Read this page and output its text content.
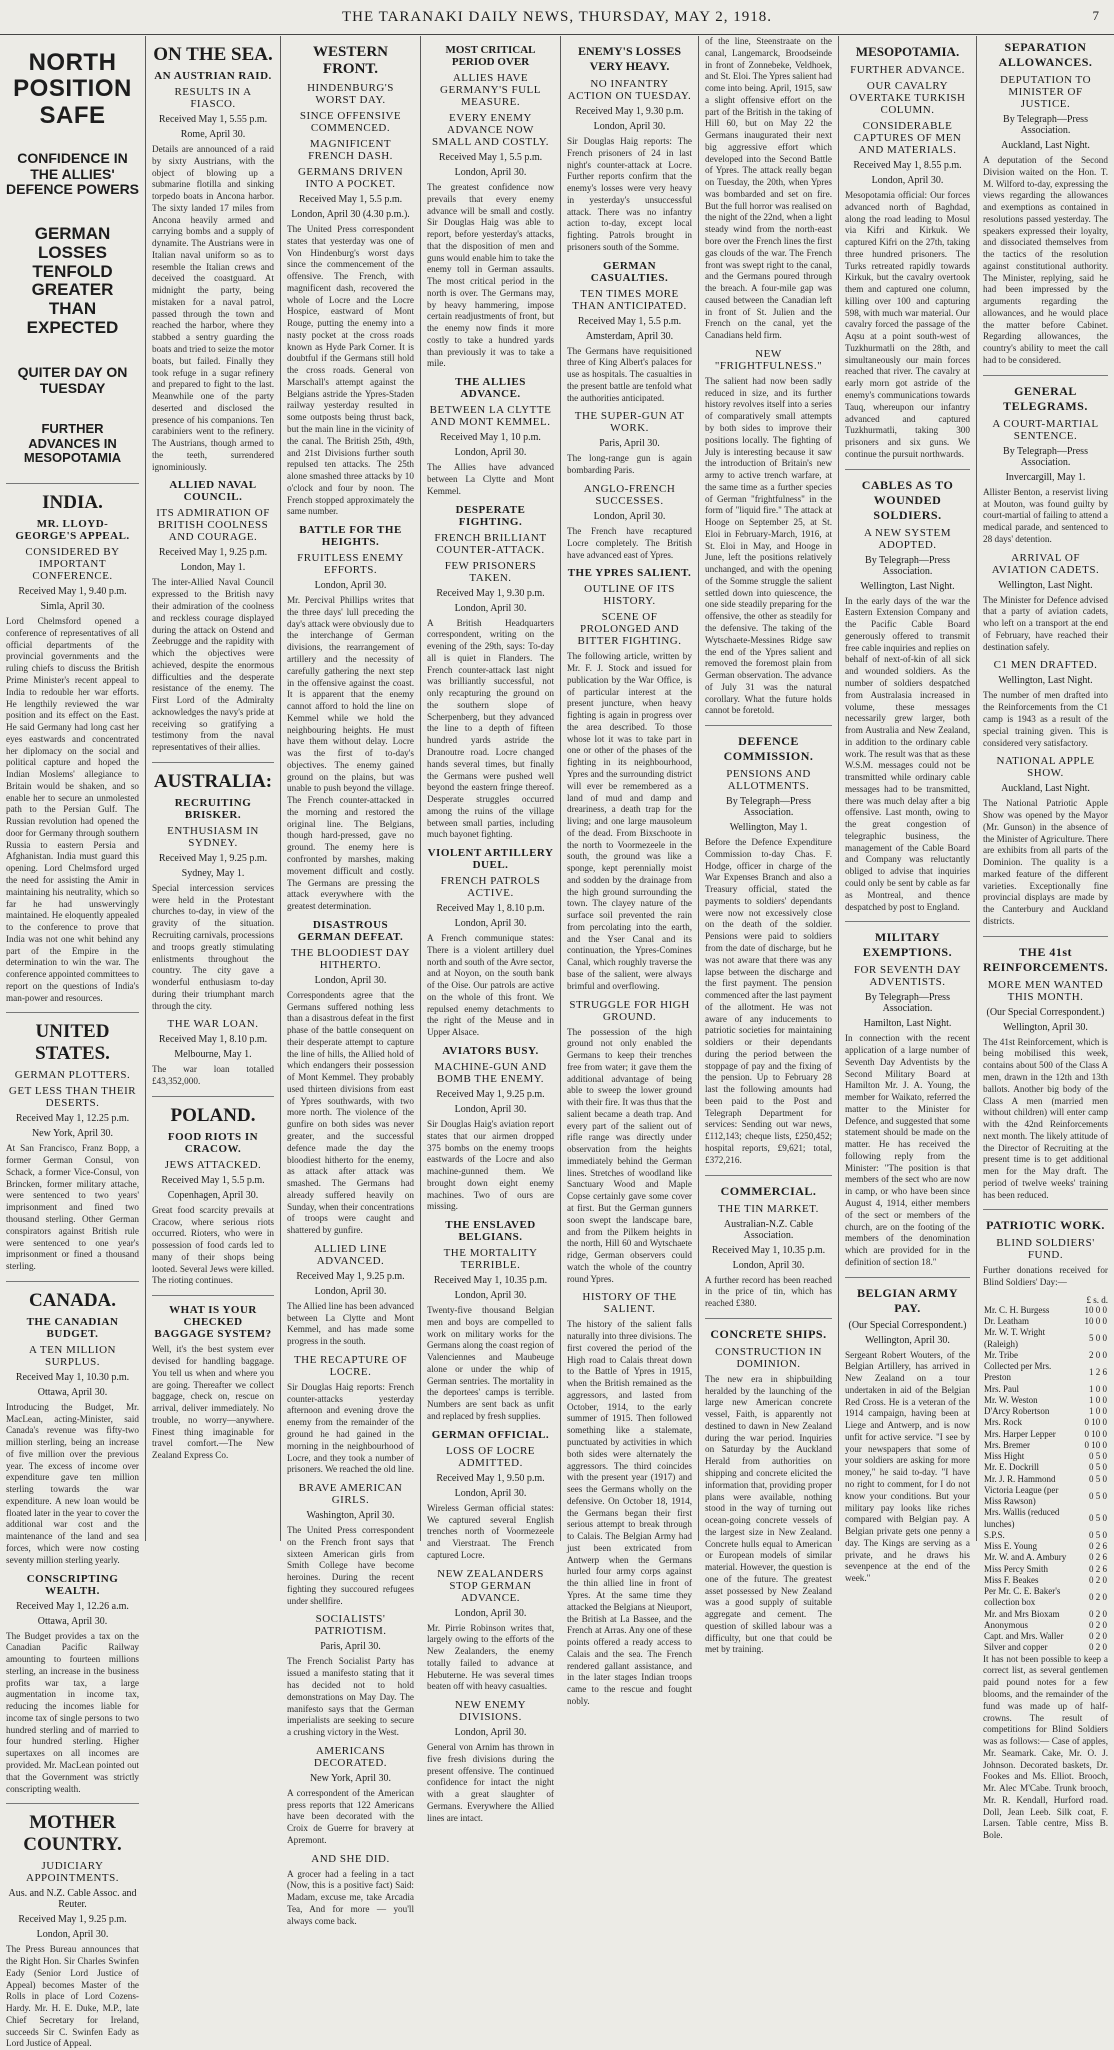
THE TARANAKI DAILY NEWS, THURSDAY, MAY 2, 1918.	7
NORTH POSITION SAFE
CONFIDENCE IN THE ALLIES' DEFENCE POWERS
GERMAN LOSSES TENFOLD GREATER THAN EXPECTED
QUITER DAY ON TUESDAY
FURTHER ADVANCES IN MESOPOTAMIA
INDIA.
MR. LLOYD-GEORGE'S APPEAL.
CONSIDERED BY IMPORTANT CONFERENCE.
Received May 1, 9.40 p.m.
Simla, April 30.

Lord Chelmsford opened a conference of representatives of all official departments of the provincial governments and the ruling chiefs to discuss the British Prime Minister's recent appeal to India to redouble her war efforts. He lengthily reviewed the war position and its effect on the East. He said Germany had long cast her eyes eastwards and concentrated her diplomacy on the social and political capture and hoped the Indian Moslems' allegiance to Britain would be shaken, and so enable her to secure an unmolested path to the Persian Gulf. The Russian revolution had opened the door for Germany through southern Russia to eastern Persia and Afghanistan. India must guard this opening. Lord Chelmsford urged the need for assisting the Amir in maintaining his neutrality, which so far he had unswervingly maintained. He eloquently appealed to the conference to prove that India was not one whit behind any part of the Empire in the determination to win the war. The conference appointed committees to report on the questions of India's man-power and resources.

UNITED STATES.
GERMAN PLOTTERS.
GET LESS THAN THEIR DESERTS.
Received May 1, 12.25 p.m.
New York, April 30.

At San Francisco, Franz Bopp, a former German Consul, von Schack, a former Vice-Consul, von Brincken, former military attache, were sentenced to two years' imprisonment and fined two thousand sterling. Other German conspirators against British rule were sentenced to one year's imprisonment or fined a thousand sterling.

CANADA.
THE CANADIAN BUDGET.
A TEN MILLION SURPLUS.
Received May 1, 10.30 p.m.
Ottawa, April 30.

Introducing the Budget, Mr. MacLean, acting-Minister, said Canada's revenue was fifty-two million sterling, being an increase of five million over the previous year. The excess of income over expenditure gave ten million sterling towards the war expenditure. A new loan would be floated later in the year to cover the additional war cost and the maintenance of the land and sea forces, which were now costing seventy million sterling yearly.

CONSCRIPTING WEALTH.
Received May 1, 12.26 a.m.
Ottawa, April 30.

The Budget provides a tax on the Canadian Pacific Railway amounting to fourteen millions sterling, an increase in the business profits war tax, a large augmentation in income tax, reducing the incomes liable for income tax of single persons to two hundred sterling and of married to four hundred sterling. Higher supertaxes on all incomes are provided. Mr. MacLean pointed out that the Government was strictly conscripting wealth.

MOTHER COUNTRY.
JUDICIARY APPOINTMENTS.
Aus. and N.Z. Cable Assoc. and Reuter.
Received May 1, 9.25 p.m.
London, April 30.

The Press Bureau announces that the Right Hon. Sir Charles Swinfen Eady (Senior Lord Justice of Appeal) becomes Master of the Rolls in place of Lord Cozens-Hardy. Mr. H. E. Duke, M.P., late Chief Secretary for Ireland, succeeds Sir C. Swinfen Eady as Lord Justice of Appeal.

ON THE SEA.
AN AUSTRIAN RAID.
RESULTS IN A FIASCO.
Received May 1, 5.55 p.m.
Rome, April 30.

Details are announced of a raid by sixty Austrians, with the object of blowing up a submarine flotilla and sinking torpedo boats in Ancona harbor. The sixty landed 17 miles from Ancona heavily armed and carrying bombs and a supply of dynamite. The Austrians were in Italian naval uniform so as to resemble the Italian crews and deceived the coastguard. At midnight the party, being mistaken for a naval patrol, passed through the town and reached the harbor, where they stabbed a sentry guarding the boats and tried to seize the motor boats, but failed. Finally they took refuge in a sugar refinery and prepared to fight to the last. Meanwhile one of the party deserted and disclosed the presence of his companions. Ten carabiniers went to the refinery. The Austrians, though armed to the teeth, surrendered ignominiously.

ALLIED NAVAL COUNCIL.
ITS ADMIRATION OF BRITISH COOLNESS AND COURAGE.
Received May 1, 9.25 p.m.
London, May 1.

The inter-Allied Naval Council expressed to the British navy their admiration of the coolness and reckless courage displayed during the attack on Ostend and Zeebrugge and the rapidity with which the objectives were achieved, despite the enormous difficulties and the desperate resistance of the enemy. The First Lord of the Admiralty acknowledges the navy's pride at receiving so gratifying a testimony from the naval representatives of their allies.

AUSTRALIA:
RECRUITING BRISKER.
ENTHUSIASM IN SYDNEY.
Received May 1, 9.25 p.m.
Sydney, May 1.

Special intercession services were held in the Protestant churches to-day, in view of the gravity of the situation. Recruiting carnivals, processions and troops greatly stimulating enlistments throughout the country. The city gave a wonderful enthusiasm to-day during their triumphant march through the city.

THE WAR LOAN.
Received May 1, 8.10 p.m.
Melbourne, May 1.

The war loan totalled £43,352,000.

POLAND.
FOOD RIOTS IN CRACOW.
JEWS ATTACKED.
Received May 1, 5.5 p.m.
Copenhagen, April 30.

Great food scarcity prevails at Cracow, where serious riots occurred. Rioters, who were in possession of food cards led to many of their shops being looted. Several Jews were killed. The rioting continues.

WHAT IS YOUR CHECKED BAGGAGE SYSTEM?

Well, it's the best system ever devised for handling baggage. You tell us when and where you are going. Thereafter we collect baggage, check on, rescue on arrival, deliver immediately. No trouble, no worry—anywhere. Finest thing imaginable for travel comfort.—The New Zealand Express Co.

WESTERN FRONT.
HINDENBURG'S WORST DAY.
SINCE OFFENSIVE COMMENCED.
MAGNIFICENT FRENCH DASH.
GERMANS DRIVEN INTO A POCKET.
Received May 1, 5.5 p.m.
London, April 30 (4.30 p.m.).

The United Press correspondent states that yesterday was one of Von Hindenburg's worst days since the commencement of the offensive. The French, with magnificent dash, recovered the whole of Locre and the Locre Hospice, eastward of Mont Rouge, putting the enemy into a nasty pocket at the cross roads known as Hyde Park Corner. It is doubtful if the Germans still hold the cross roads. General von Marschall's attempt against the Belgians astride the Ypres-Staden railway yesterday resulted in some outposts being thrust back, but the main line in the vicinity of the canal. The British 25th, 49th, and 21st Divisions further south repulsed ten attacks. The 25th alone smashed three attacks by 10 o'clock and four by noon. The French stopped approximately the same number.

BATTLE FOR THE HEIGHTS.
FRUITLESS ENEMY EFFORTS.
London, April 30.

Mr. Percival Phillips writes that the three days' lull preceding the day's attack were obviously due to the interchange of German divisions, the rearrangement of artillery and the necessity of carefully gathering the next step in the offensive against the coast. It is apparent that the enemy cannot afford to hold the line on Kemmel while we hold the neighbouring heights. He must have them without delay. Locre was the first of to-day's objectives. The enemy gained ground on the plains, but was unable to push beyond the village. The French counter-attacked in the morning and restored the original line. The Belgians, though hard-pressed, gave no ground. The enemy here is confronted by marshes, making movement difficult and costly. The Germans are pressing the attack everywhere with the greatest determination.

DISASTROUS GERMAN DEFEAT.
THE BLOODIEST DAY HITHERTO.
London, April 30.

Correspondents agree that the Germans suffered nothing less than a disastrous defeat in the first phase of the battle consequent on their desperate attempt to capture the line of hills, the Allied hold of which endangers their possession of Mont Kemmel. They probably used thirteen divisions from east of Ypres southwards, with two more north. The violence of the gunfire on both sides was never greater, and the successful defence made the day the bloodiest hitherto for the enemy, as attack after attack was smashed. The Germans had already suffered heavily on Sunday, when their concentrations of troops were caught and shattered by gunfire.

ALLIED LINE ADVANCED.
Received May 1, 9.25 p.m.
London, April 30.

The Allied line has been advanced between La Clytte and Mont Kemmel, and has made some progress in the south.

THE RECAPTURE OF LOCRE.

Sir Douglas Haig reports: French counter-attacks yesterday afternoon and evening drove the enemy from the remainder of the ground he had gained in the morning in the neighbourhood of Locre, and they took a number of prisoners. We reached the old line.

BRAVE AMERICAN GIRLS.
Washington, April 30.

The United Press correspondent on the French front says that sixteen American girls from Smith College have become heroines. During the recent fighting they succoured refugees under shellfire.

SOCIALISTS' PATRIOTISM.
Paris, April 30.

The French Socialist Party has issued a manifesto stating that it has decided not to hold demonstrations on May Day. The manifesto says that the German imperialists are seeking to secure a crushing victory in the West.

AMERICANS DECORATED.
New York, April 30.

A correspondent of the American press reports that 122 Americans have been decorated with the Croix de Guerre for bravery at Apremont.

AND SHE DID.

A grocer had a feeling in a tact (Now, this is a positive fact) Said: Madam, excuse me, take Arcadia Tea, And for more — you'll always come back.

MOST CRITICAL PERIOD OVER
ALLIES HAVE GERMANY'S FULL MEASURE.
EVERY ENEMY ADVANCE NOW SMALL AND COSTLY.
Received May 1, 5.5 p.m.
London, April 30.

The greatest confidence now prevails that every enemy advance will be small and costly. Sir Douglas Haig was able to report, before yesterday's attacks, that the disposition of men and guns would enable him to take the enemy toll in German assaults. The most critical period in the north is over. The Germans may, by heavy hammering, impose certain readjustments of front, but the enemy now finds it more costly to take a hundred yards than previously it was to take a mile.

THE ALLIES ADVANCE.
BETWEEN LA CLYTTE AND MONT KEMMEL.
Received May 1, 10 p.m.
London, April 30.

The Allies have advanced between La Clytte and Mont Kemmel.

DESPERATE FIGHTING.
FRENCH BRILLIANT COUNTER-ATTACK.
FEW PRISONERS TAKEN.
Received May 1, 9.30 p.m.
London, April 30.

A British Headquarters correspondent, writing on the evening of the 29th, says: To-day all is quiet in Flanders. The French counter-attack last night was brilliantly successful, not only recapturing the ground on the southern slope of Scherpenberg, but they advanced the line to a depth of fifteen hundred yards astride the Dranoutre road. Locre changed hands several times, but finally the Germans were pushed well beyond the eastern fringe thereof. Desperate struggles occurred among the ruins of the village between small parties, including much bayonet fighting.

VIOLENT ARTILLERY DUEL.
FRENCH PATROLS ACTIVE.
Received May 1, 8.10 p.m.
London, April 30.

A French communique states: There is a violent artillery duel north and south of the Avre sector, and at Noyon, on the south bank of the Oise. Our patrols are active on the whole of this front. We repulsed enemy detachments to the right of the Meuse and in Upper Alsace.

AVIATORS BUSY.
MACHINE-GUN AND BOMB THE ENEMY.
Received May 1, 9.25 p.m.
London, April 30.

Sir Douglas Haig's aviation report states that our airmen dropped 375 bombs on the enemy troops eastwards of the Locre and also machine-gunned them. We brought down eight enemy machines. Two of ours are missing.

THE ENSLAVED BELGIANS.
THE MORTALITY TERRIBLE.
Received May 1, 10.35 p.m.
London, April 30.

Twenty-five thousand Belgian men and boys are compelled to work on military works for the Germans along the coast region of Valenciennes and Maubeuge alone or under the whip of German sentries. The mortality in the deportees' camps is terrible. Numbers are sent back as unfit and replaced by fresh supplies.

GERMAN OFFICIAL.
LOSS OF LOCRE ADMITTED.
Received May 1, 9.50 p.m.
London, April 30.

Wireless German official states: We captured several English trenches north of Voormezeele and Vierstraat. The French captured Locre.

NEW ZEALANDERS STOP GERMAN ADVANCE.
London, April 30.

Mr. Pirrie Robinson writes that, largely owing to the efforts of the New Zealanders, the enemy totally failed to advance at Hebuterne. He was several times beaten off with heavy casualties.

NEW ENEMY DIVISIONS.
London, April 30.

General von Arnim has thrown in five fresh divisions during the present offensive. The continued confidence for intact the night with a great slaughter of Germans. Everywhere the Allied lines are intact.

ENEMY'S LOSSES VERY HEAVY.
NO INFANTRY ACTION ON TUESDAY.
Received May 1, 9.30 p.m.
London, April 30.

Sir Douglas Haig reports: The French prisoners of 24 in last night's counter-attack at Locre. Further reports confirm that the enemy's losses were very heavy in yesterday's unsuccessful attack. There was no infantry action to-day, except local fighting. Patrols brought in prisoners south of the Somme.

GERMAN CASUALTIES.
TEN TIMES MORE THAN ANTICIPATED.
Received May 1, 5.5 p.m.
Amsterdam, April 30.

The Germans have requisitioned three of King Albert's palaces for use as hospitals. The casualties in the present battle are tenfold what the authorities anticipated.

THE SUPER-GUN AT WORK.
Paris, April 30.

The long-range gun is again bombarding Paris.

ANGLO-FRENCH SUCCESSES.
London, April 30.

The French have recaptured Locre completely. The British have advanced east of Ypres.

THE YPRES SALIENT.
OUTLINE OF ITS HISTORY.
SCENE OF PROLONGED AND BITTER FIGHTING.

The following article, written by Mr. F. J. Stock and issued for publication by the War Office, is of particular interest at the present juncture, when heavy fighting is again in progress over the area described. To those whose lot it was to take part in one or other of the phases of the fighting in its neighbourhood, Ypres and the surrounding district will ever be remembered as a land of mud and damp and dreariness, a death trap for the living; and one large mausoleum of the dead. From Bixschoote in the north to Voormezeele in the south, the ground was like a sponge, kept perennially moist and sodden by the drainage from the high ground surrounding the town. The clayey nature of the surface soil prevented the rain from percolating into the earth, and the Yser Canal and its continuation, the Ypres-Comines Canal, which roughly traverse the base of the salient, were always brimful and overflowing.

STRUGGLE FOR HIGH GROUND.

The possession of the high ground not only enabled the Germans to keep their trenches free from water; it gave them the additional advantage of being able to sweep the lower ground with their fire. It was thus that the salient became a death trap. And every part of the salient out of rifle range was directly under observation from the heights immediately behind the German lines. Stretches of woodland like Sanctuary Wood and Maple Copse certainly gave some cover at first. But the German gunners soon swept the landscape bare, and from the Pilkem heights in the north, Hill 60 and Wytschaete ridge, German observers could watch the whole of the country round Ypres.

HISTORY OF THE SALIENT.

The history of the salient falls naturally into three divisions. The first covered the period of the High road to Calais threat down to the Battle of Ypres in 1915, when the British remained as the aggressors, and lasted from October, 1914, to the early summer of 1915. Then followed something like a stalemate, punctuated by activities in which both sides were alternately the aggressors. The third coincides with the present year (1917) and sees the Germans wholly on the defensive. On October 18, 1914, the Germans began their first serious attempt to break through to Calais. The Belgian Army had just been extricated from Antwerp when the Germans hurled four army corps against the thin allied line in front of Ypres. At the same time they attacked the Belgians at Nieuport, the British at La Bassee, and the French at Arras. Any one of these points offered a ready access to Calais and the sea. The French rendered gallant assistance, and in the later stages Indian troops came to the rescue and fought nobly.

of the line, Steenstraate on the canal, Langemarck, Broodseinde in front of Zonnebeke, Veldhoek, and St. Eloi. The Ypres salient had come into being. April, 1915, saw a slight offensive effort on the part of the British in the taking of Hill 60, but on May 22 the Germans inaugurated their next big aggressive effort which developed into the Second Battle of Ypres. The attack really began on Tuesday, the 20th, when Ypres was bombarded and set on fire. But the full horror was realised on the night of the 22nd, when a light steady wind from the north-east bore over the French lines the first gas clouds of the war. The French front was swept right to the canal, and the Germans poured through the breach. A four-mile gap was caused between the Canadian left in front of St. Julien and the French on the canal, yet the Canadians held firm.

NEW "FRIGHTFULNESS."

The salient had now been sadly reduced in size, and its further history revolves itself into a series of comparatively small attempts by both sides to improve their positions locally. The fighting of July is interesting because it saw the introduction of Britain's new army to active trench warfare, at the same time as a further species of German "frightfulness" in the form of "liquid fire." The attack at Hooge on September 25, at St. Eloi in February-March, 1916, at St. Eloi in May, and Hooge in June, left the positions relatively unchanged, and with the opening of the Somme struggle the salient settled down into quiescence, the one side steadily preparing for the offensive, the other as steadily for the defensive. The taking of the Wytschaete-Messines Ridge saw the end of the Ypres salient and removed the foremost plain from German observation. The advance of July 31 was the natural corollary. What the future holds cannot be foretold.

DEFENCE COMMISSION.
PENSIONS AND ALLOTMENTS.
By Telegraph—Press Association.
Wellington, May 1.

Before the Defence Expenditure Commission to-day Chas. F. Hodge, officer in charge of the War Expenses Branch and also a Treasury official, stated the payments to soldiers' dependants were now not excessively close on the death of the soldier. Pensions were paid to soldiers from the date of discharge, but he was not aware that there was any lapse between the discharge and the first payment. The pension commenced after the last payment of the allotment. He was not aware of any inducements to patriotic societies for maintaining soldiers or their dependants during the period between the stoppage of pay and the fixing of the pension. Up to February 28 last the following amounts had been paid to the Post and Telegraph Department for services: Sending out war news, £112,143; cheque lists, £250,452; hospital reports, £9,621; total, £372,216.

COMMERCIAL.
THE TIN MARKET.
Australian-N.Z. Cable Association.
Received May 1, 10.35 p.m.
London, April 30.

A further record has been reached in the price of tin, which has reached £380.

CONCRETE SHIPS.
CONSTRUCTION IN DOMINION.

The new era in shipbuilding heralded by the launching of the large new American concrete vessel, Faith, is apparently not destined to dawn in New Zealand during the war period. Inquiries on Saturday by the Auckland Herald from authorities on shipping and concrete elicited the information that, providing proper plans were available, nothing stood in the way of turning out ocean-going concrete vessels of the largest size in New Zealand. Concrete hulls equal to American or European models of similar material. However, the question is one of the future. The greatest asset possessed by New Zealand was a good supply of suitable aggregate and cement. The question of skilled labour was a difficulty, but one that could be met by training.

MESOPOTAMIA.
FURTHER ADVANCE.
OUR CAVALRY OVERTAKE TURKISH COLUMN.
CONSIDERABLE CAPTURES OF MEN AND MATERIALS.
Received May 1, 8.55 p.m.
London, April 30.

Mesopotamia official: Our forces advanced north of Baghdad, along the road leading to Mosul via Kifri and Kirkuk. We captured Kifri on the 27th, taking three hundred prisoners. The Turks retreated rapidly towards Kirkuk, but the cavalry overtook them and captured one column, killing over 100 and capturing 598, with much war material. Our cavalry forced the passage of the Aqsu at a point south-west of Tuzkhurmatli on the 28th, and simultaneously our main forces reached that river. The cavalry at early morn got astride of the enemy's communications towards Tauq, whereupon our infantry advanced and captured Tuzkhurmatli, taking 300 prisoners and six guns. We continue the pursuit northwards.

CABLES AS TO WOUNDED SOLDIERS.
A NEW SYSTEM ADOPTED.
By Telegraph—Press Association.
Wellington, Last Night.

In the early days of the war the Eastern Extension Company and the Pacific Cable Board generously offered to transmit free cable inquiries and replies on behalf of next-of-kin of all sick and wounded soldiers. As the number of soldiers despatched from Australasia increased in volume, these messages necessarily grew larger, both from Australia and New Zealand, in addition to the ordinary cable work. The result was that as these W.S.M. messages could not be transmitted while ordinary cable messages had to be transmitted, there was much delay after a big offensive. Last month, owing to the great congestion of telegraphic business, the management of the Cable Board and Company was reluctantly obliged to advise that inquiries could only be sent by cable as far as Montreal, and thence despatched by post to England.

MILITARY EXEMPTIONS.
FOR SEVENTH DAY ADVENTISTS.
By Telegraph—Press Association.
Hamilton, Last Night.

In connection with the recent application of a large number of Seventh Day Adventists by the Second Military Board at Hamilton Mr. J. A. Young, the member for Waikato, referred the matter to the Minister for Defence, and suggested that some statement should be made on the matter. He has received the following reply from the Minister: "The position is that members of the sect who are now in camp, or who have been since August 4, 1914, either members of the sect or members of the church, are on the footing of the members of the denomination which are provided for in the definition of section 18."

BELGIAN ARMY PAY.
(Our Special Correspondent.)
Wellington, April 30.

Sergeant Robert Wouters, of the Belgian Artillery, has arrived in New Zealand on a tour undertaken in aid of the Belgian Red Cross. He is a veteran of the 1914 campaign, having been at Liege and Antwerp, and is now unfit for active service. "I see by your newspapers that some of your soldiers are asking for more money," he said to-day. "I have no right to comment, for I do not know your conditions. But your military pay looks like riches compared with Belgian pay. A Belgian private gets one penny a day. The Kings are serving as a private, and he draws his sevenpence at the end of the week."

SEPARATION ALLOWANCES.
DEPUTATION TO MINISTER OF JUSTICE.
By Telegraph—Press Association.
Auckland, Last Night.

A deputation of the Second Division waited on the Hon. T. M. Wilford to-day, expressing the views regarding the allowances and exemptions as contained in resolutions passed yesterday. The speakers expressed their loyalty, and dissociated themselves from the tactics of the resolution against constitutional authority. The Minister, replying, said he had been impressed by the arguments regarding the allowances, and he would place the matter before Cabinet. Regarding allowances, the country's ability to meet the call had to be considered.

GENERAL TELEGRAMS.
A COURT-MARTIAL SENTENCE.
By Telegraph—Press Association.
Invercargill, May 1.

Allister Benton, a reservist living at Mouton, was found guilty by court-martial of failing to attend a medical parade, and sentenced to 28 days' detention.

ARRIVAL OF AVIATION CADETS.
Wellington, Last Night.

The Minister for Defence advised that a party of aviation cadets, who left on a transport at the end of February, have reached their destination safely.

C1 MEN DRAFTED.
Wellington, Last Night.

The number of men drafted into the Reinforcements from the C1 camp is 1943 as a result of the special training given. This is considered very satisfactory.

NATIONAL APPLE SHOW.
Auckland, Last Night.

The National Patriotic Apple Show was opened by the Mayor (Mr. Gunson) in the absence of the Minister of Agriculture. There are exhibits from all parts of the Dominion. The quality is a marked feature of the different varieties. Exceptionally fine provincial displays are made by the Canterbury and Auckland districts.

THE 41st REINFORCEMENTS.
MORE MEN WANTED THIS MONTH.
(Our Special Correspondent.)
Wellington, April 30.

The 41st Reinforcement, which is being mobilised this week, contains about 500 of the Class A men, drawn in the 12th and 13th ballots. Another big body of the Class A men (married men without children) will enter camp with the 42nd Reinforcements next month. The likely attitude of the Director of Recruiting at the present time is to get additional men for the May draft. The period of twelve weeks' training has been reduced.

PATRIOTIC WORK.
BLIND SOLDIERS' FUND.

Further donations received for Blind Soldiers' Day:—

£ s. d.
Mr. C. H. Burgess	10 0 0
Dr. Leatham	10 0 0
Mr. W. T. Wright (Raleigh)	5 0 0
Mr. Tribe	2 0 0
Collected per Mrs. Preston	1 2 6
Mrs. Paul	1 0 0
Mr. W. Weston	1 0 0
D'Arcy Robertson	1 0 0
Mrs. Rock	0 10 0
Mrs. Harper Lepper	0 10 0
Mrs. Bremer	0 10 0
Miss Hight	0 5 0
Mr. E. Dockrill	0 5 0
Mr. J. R. Hammond	0 5 0
Victoria League (per Miss Rawson)	0 5 0
Mrs. Wallis (reduced lunches)	0 5 0
S.P.S.	0 5 0
Miss E. Young	0 2 6
Mr. W. and A. Ambury	0 2 6
Miss Percy Smith	0 2 6
Miss F. Beakes	0 2 0
Per Mr. C. E. Baker's collection box	0 2 0
Mr. and Mrs Bioxam	0 2 0
Anonymous	0 2 0
Capt. and Mrs. Waller	0 2 0
Silver and copper	0 2 0

It has not been possible to keep a correct list, as several gentlemen paid pound notes for a few blooms, and the remainder of the fund was made up of half-crowns. The result of competitions for Blind Soldiers was as follows:— Case of apples, Mr. Seamark. Cake, Mr. O. J. Johnson. Decorated baskets, Dr. Fookes and Ms. Elliot. Brooch, Mr. Alec M'Cabe. Trunk brooch, Mr. R. Kendall, Hurford road. Doll, Jean Leeb. Silk coat, F. Larsen. Table centre, Miss B. Bole.
